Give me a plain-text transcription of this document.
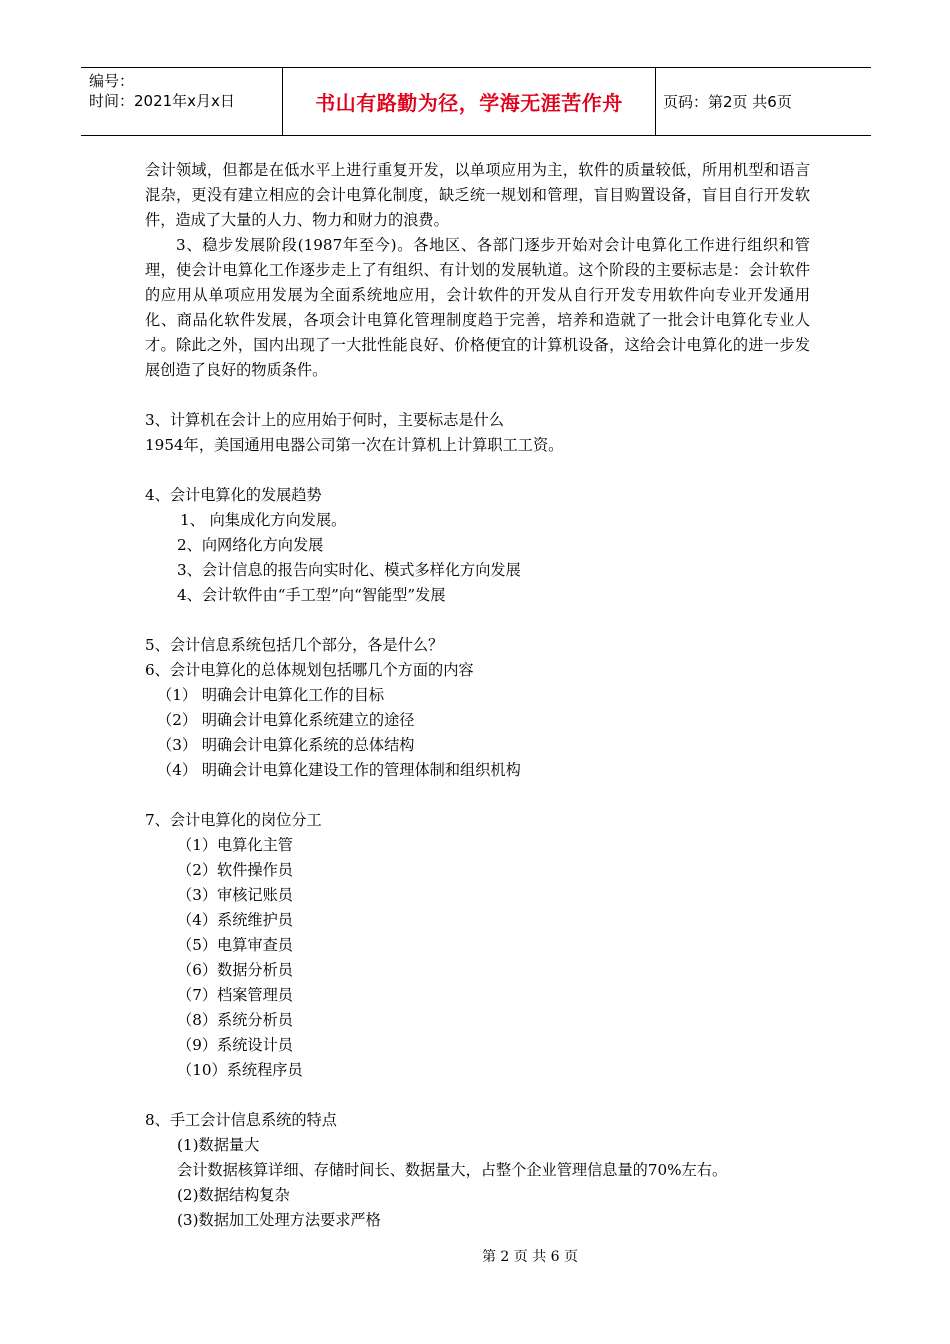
编号：
时间：2021年x月x日	书山有路勤为径，学海无涯苦作舟	页码：第2页 共6页

会计领域，但都是在低水平上进行重复开发，以单项应用为主，软件的质量较低，所用机型和语言混杂，更没有建立相应的会计电算化制度，缺乏统一规划和管理，盲目购置设备，盲目自行开发软件，造成了大量的人力、物力和财力的浪费。

3、稳步发展阶段(1987年至今)。各地区、各部门逐步开始对会计电算化工作进行组织和管理，使会计电算化工作逐步走上了有组织、有计划的发展轨道。这个阶段的主要标志是：会计软件的应用从单项应用发展为全面系统地应用，会计软件的开发从自行开发专用软件向专业开发通用化、商品化软件发展，各项会计电算化管理制度趋于完善，培养和造就了一批会计电算化专业人才。除此之外，国内出现了一大批性能良好、价格便宜的计算机设备，这给会计电算化的进一步发展创造了良好的物质条件。

3、计算机在会计上的应用始于何时，主要标志是什么

1954年，美国通用电器公司第一次在计算机上计算职工工资。

4、会计电算化的发展趋势

1、 向集成化方向发展。

2、向网络化方向发展

3、会计信息的报告向实时化、模式多样化方向发展

4、会计软件由“手工型”向“智能型”发展

5、会计信息系统包括几个部分，各是什么？

6、会计电算化的总体规划包括哪几个方面的内容

（1） 明确会计电算化工作的目标

（2） 明确会计电算化系统建立的途径

（3） 明确会计电算化系统的总体结构

（4） 明确会计电算化建设工作的管理体制和组织机构

7、会计电算化的岗位分工

（1）电算化主管

（2）软件操作员

（3）审核记账员

（4）系统维护员

（5）电算审查员

（6）数据分析员

（7）档案管理员

（8）系统分析员

（9）系统设计员

（10）系统程序员

8、手工会计信息系统的特点

(1)数据量大

会计数据核算详细、存储时间长、数据量大，占整个企业管理信息量的70%左右。

(2)数据结构复杂

(3)数据加工处理方法要求严格

第 2 页 共 6 页
